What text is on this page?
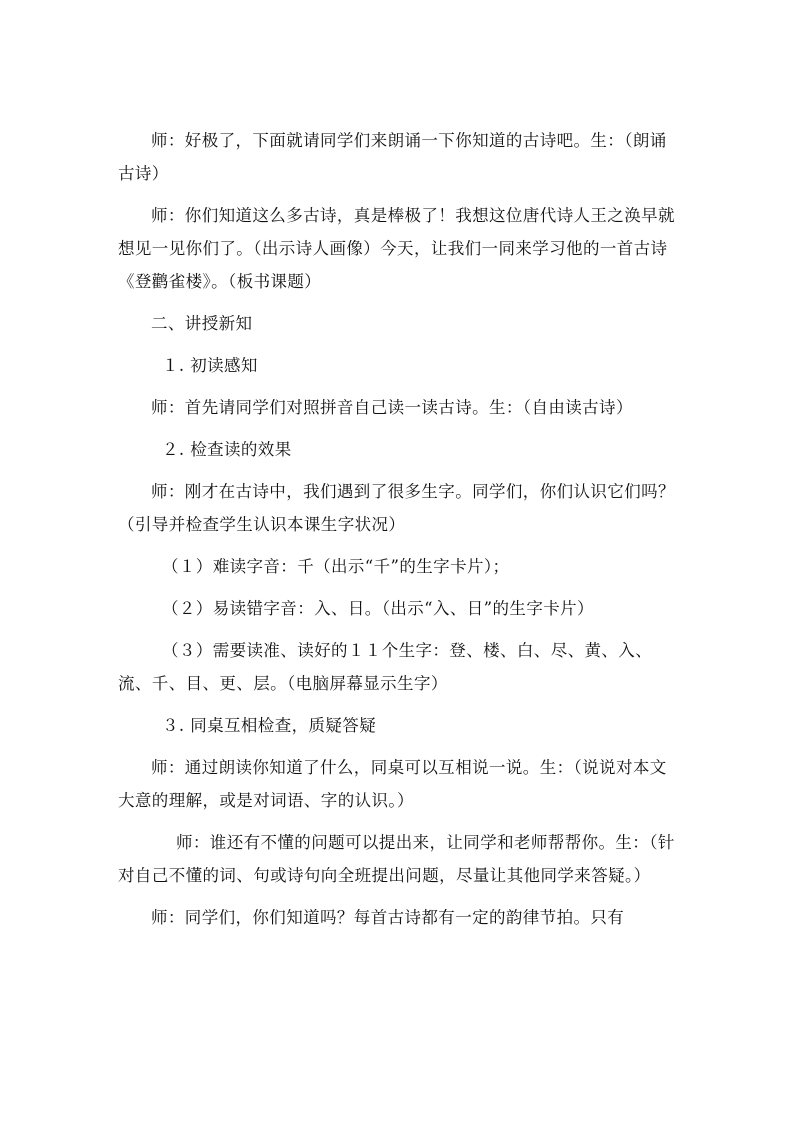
师：好极了，下面就请同学们来朗诵一下你知道的古诗吧。生：（朗诵古诗）

师：你们知道这么多古诗，真是棒极了！我想这位唐代诗人王之涣早就想见一见你们了。（出示诗人画像）今天，让我们一同来学习他的一首古诗《登鹳雀楼》。（板书课题）

二、讲授新知

１. 初读感知

师：首先请同学们对照拼音自己读一读古诗。生：（自由读古诗）

２. 检查读的效果

师：刚才在古诗中，我们遇到了很多生字。同学们，你们认识它们吗？（引导并检查学生认识本课生字状况）

（１）难读字音：千（出示“千”的生字卡片）；

（２）易读错字音：入、日。（出示“入、日”的生字卡片）

（３）需要读准、读好的１１个生字：登、楼、白、尽、黄、入、流、千、目、更、层。（电脑屏幕显示生字）

３. 同桌互相检查，质疑答疑

师：通过朗读你知道了什么，同桌可以互相说一说。生：（说说对本文大意的理解，或是对词语、字的认识。）

师：谁还有不懂的问题可以提出来，让同学和老师帮帮你。生：（针对自己不懂的词、句或诗句向全班提出问题，尽量让其他同学来答疑。）

师：同学们，你们知道吗？每首古诗都有一定的韵律节拍。只有
